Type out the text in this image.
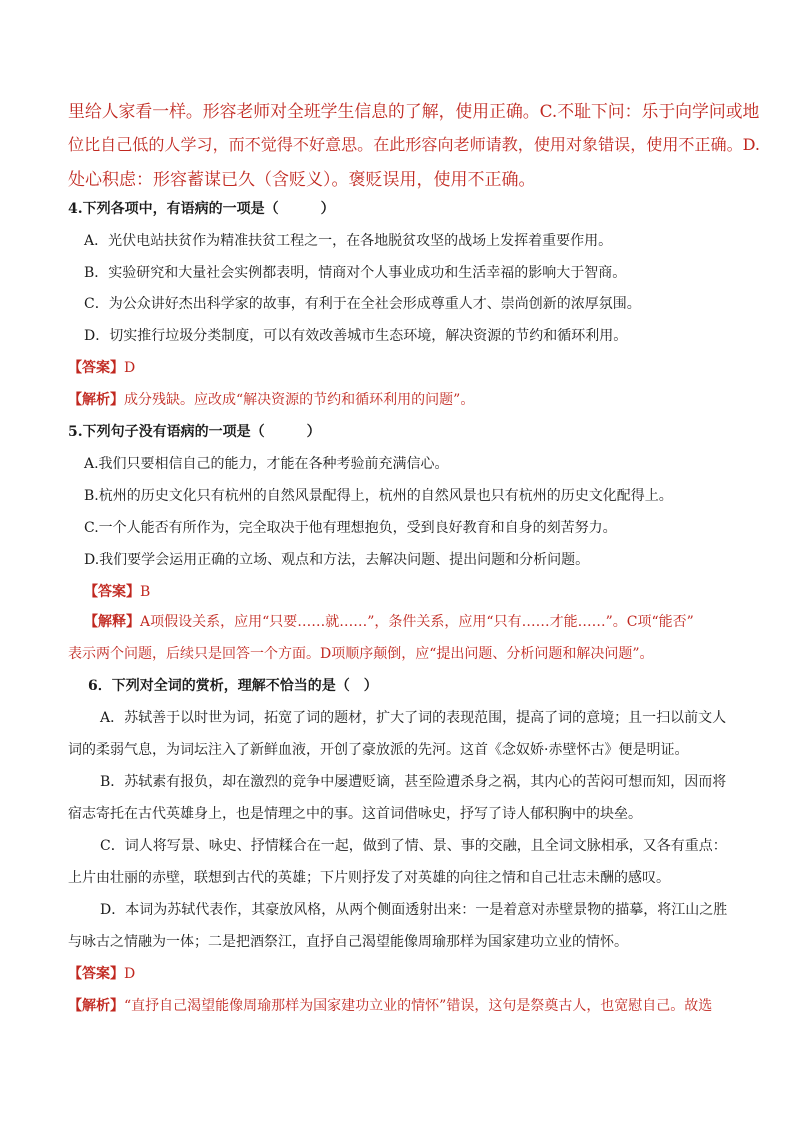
里给人家看一样。形容老师对全班学生信息的了解，使用正确。C.不耻下问：乐于向学问或地
位比自己低的人学习，而不觉得不好意思。在此形容向老师请教，使用对象错误，使用不正确。D.
处心积虑：形容蓄谋已久（含贬义）。褒贬误用，使用不正确。
4.下列各项中，有语病的一项是（　　　）
A．光伏电站扶贫作为精准扶贫工程之一，在各地脱贫攻坚的战场上发挥着重要作用。
B．实验研究和大量社会实例都表明，情商对个人事业成功和生活幸福的影响大于智商。
C．为公众讲好杰出科学家的故事，有利于在全社会形成尊重人才、崇尚创新的浓厚氛围。
D．切实推行垃圾分类制度，可以有效改善城市生态环境，解决资源的节约和循环利用。
【答案】D
【解析】成分残缺。应改成“解决资源的节约和循环利用的问题”。
5.下列句子没有语病的一项是（　　　）
A.我们只要相信自己的能力，才能在各种考验前充满信心。
B.杭州的历史文化只有杭州的自然风景配得上，杭州的自然风景也只有杭州的历史文化配得上。
C.一个人能否有所作为，完全取决于他有理想抱负，受到良好教育和自身的刻苦努力。
D.我们要学会运用正确的立场、观点和方法，去解决问题、提出问题和分析问题。
【答案】B
【解释】A项假设关系，应用“只要……就……”，条件关系，应用“只有……才能……”。C项“能否”
表示两个问题，后续只是回答一个方面。D项顺序颠倒，应“提出问题、分析问题和解决问题”。
6．下列对全词的赏析，理解不恰当的是（　）
A．苏轼善于以时世为词，拓宽了词的题材，扩大了词的表现范围，提高了词的意境；且一扫以前文人
词的柔弱气息，为词坛注入了新鲜血液，开创了豪放派的先河。这首《念奴娇·赤壁怀古》便是明证。
B．苏轼素有报负，却在激烈的竞争中屡遭贬谪，甚至险遭杀身之祸，其内心的苦闷可想而知，因而将
宿志寄托在古代英雄身上，也是情理之中的事。这首词借咏史，抒写了诗人郁积胸中的块垒。
C．词人将写景、咏史、抒情糅合在一起，做到了情、景、事的交融，且全词文脉相承，又各有重点：
上片由壮丽的赤壁，联想到古代的英雄；下片则抒发了对英雄的向往之情和自己壮志未酬的感叹。
D．本词为苏轼代表作，其豪放风格，从两个侧面透射出来：一是着意对赤壁景物的描摹，将江山之胜
与咏古之情融为一体；二是把酒祭江，直抒自己渴望能像周瑜那样为国家建功立业的情怀。
【答案】D
【解析】“直抒自己渴望能像周瑜那样为国家建功立业的情怀”错误，这句是祭奠古人，也宽慰自己。故选
